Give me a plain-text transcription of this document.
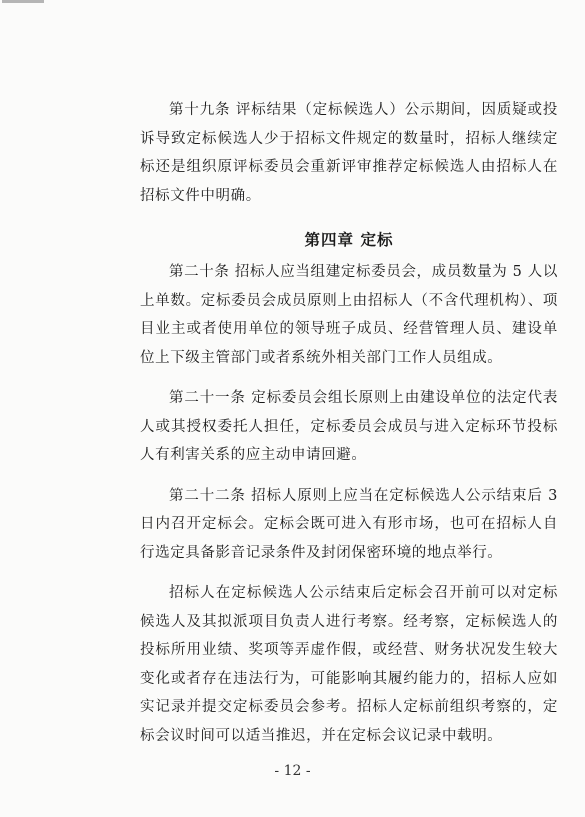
第十九条 评标结果（定标候选人）公示期间，因质疑或投诉导致定标候选人少于招标文件规定的数量时，招标人继续定标还是组织原评标委员会重新评审推荐定标候选人由招标人在招标文件中明确。

第四章 定标

第二十条 招标人应当组建定标委员会，成员数量为 5 人以上单数。定标委员会成员原则上由招标人（不含代理机构）、项目业主或者使用单位的领导班子成员、经营管理人员、建设单位上下级主管部门或者系统外相关部门工作人员组成。

第二十一条 定标委员会组长原则上由建设单位的法定代表人或其授权委托人担任，定标委员会成员与进入定标环节投标人有利害关系的应主动申请回避。

第二十二条 招标人原则上应当在定标候选人公示结束后 3 日内召开定标会。定标会既可进入有形市场，也可在招标人自行选定具备影音记录条件及封闭保密环境的地点举行。

招标人在定标候选人公示结束后定标会召开前可以对定标候选人及其拟派项目负责人进行考察。经考察，定标候选人的投标所用业绩、奖项等弄虚作假，或经营、财务状况发生较大变化或者存在违法行为，可能影响其履约能力的，招标人应如实记录并提交定标委员会参考。招标人定标前组织考察的，定标会议时间可以适当推迟，并在定标会议记录中载明。

- 12 -
